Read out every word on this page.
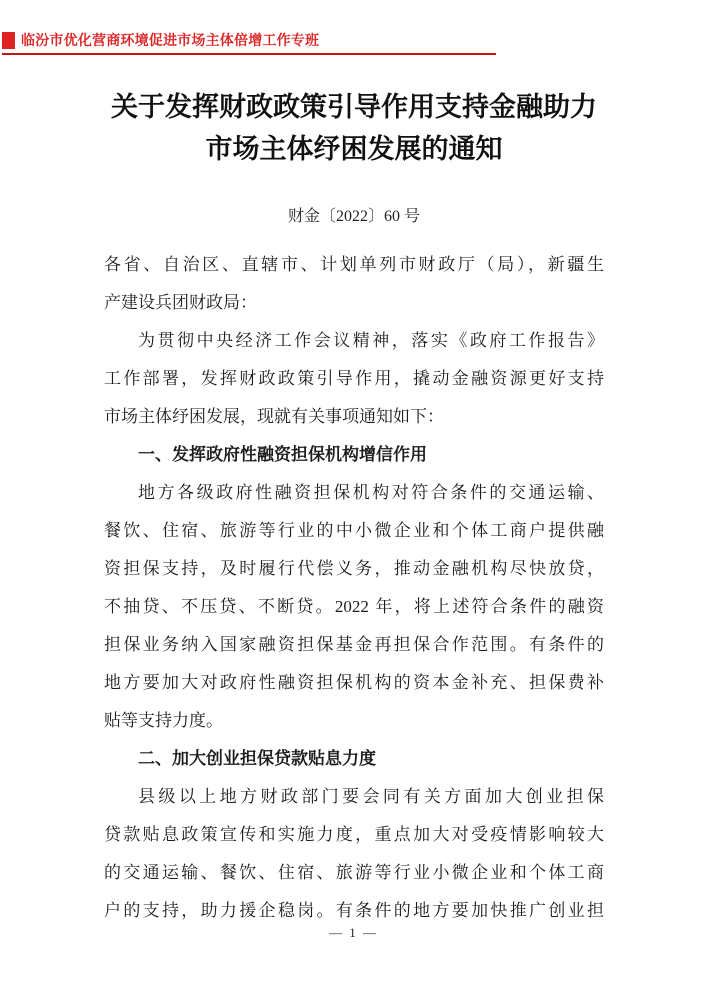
临汾市优化营商环境促进市场主体倍增工作专班
关于发挥财政政策引导作用支持金融助力
市场主体纾困发展的通知
财金〔2022〕60 号
各省、自治区、直辖市、计划单列市财政厅（局），新疆生
产建设兵团财政局：
为贯彻中央经济工作会议精神，落实《政府工作报告》
工作部署，发挥财政政策引导作用，撬动金融资源更好支持
市场主体纾困发展，现就有关事项通知如下：
一、发挥政府性融资担保机构增信作用
地方各级政府性融资担保机构对符合条件的交通运输、
餐饮、住宿、旅游等行业的中小微企业和个体工商户提供融
资担保支持，及时履行代偿义务，推动金融机构尽快放贷，
不抽贷、不压贷、不断贷。2022 年，将上述符合条件的融资
担保业务纳入国家融资担保基金再担保合作范围。有条件的
地方要加大对政府性融资担保机构的资本金补充、担保费补
贴等支持力度。
二、加大创业担保贷款贴息力度
县级以上地方财政部门要会同有关方面加大创业担保
贷款贴息政策宣传和实施力度，重点加大对受疫情影响较大
的交通运输、餐饮、住宿、旅游等行业小微企业和个体工商
户的支持，助力援企稳岗。有条件的地方要加快推广创业担
— 1 —
